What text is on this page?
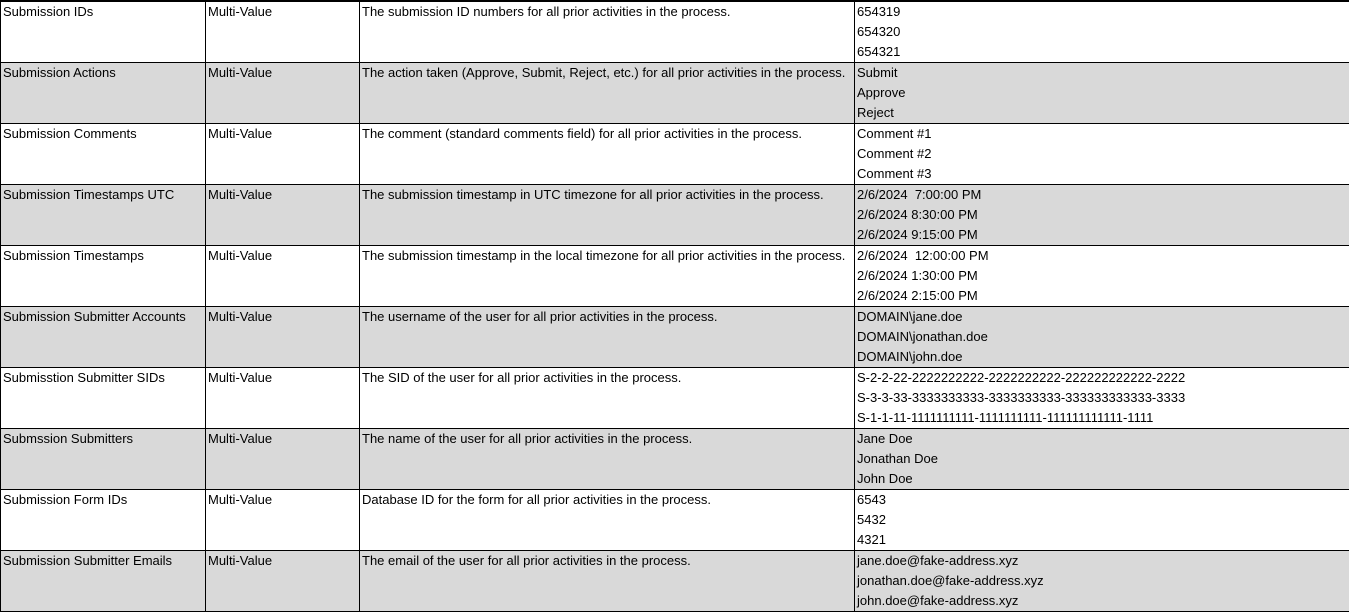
Submission IDs	Multi-Value	The submission ID numbers for all prior activities in the process.	654319
654320
654321

Submission Actions	Multi-Value	The action taken (Approve, Submit, Reject, etc.) for all prior activities in the process.	Submit
Approve
Reject

Submission Comments	Multi-Value	The comment (standard comments field) for all prior activities in the process.	Comment #1
Comment #2
Comment #3

Submission Timestamps UTC	Multi-Value	The submission timestamp in UTC timezone for all prior activities in the process.	2/6/2024  7:00:00 PM
2/6/2024 8:30:00 PM
2/6/2024 9:15:00 PM

Submission Timestamps	Multi-Value	The submission timestamp in the local timezone for all prior activities in the process.	2/6/2024  12:00:00 PM
2/6/2024 1:30:00 PM
2/6/2024 2:15:00 PM

Submission Submitter Accounts	Multi-Value	The username of the user for all prior activities in the process.	DOMAIN\jane.doe
DOMAIN\jonathan.doe
DOMAIN\john.doe

Submisstion Submitter SIDs	Multi-Value	The SID of the user for all prior activities in the process.	S-2-2-22-2222222222-2222222222-222222222222-2222
S-3-3-33-3333333333-3333333333-333333333333-3333
S-1-1-11-1111111111-1111111111-111111111111-1111

Submssion Submitters	Multi-Value	The name of the user for all prior activities in the process.	Jane Doe
Jonathan Doe
John Doe

Submission Form IDs	Multi-Value	Database ID for the form for all prior activities in the process.	6543
5432
4321

Submission Submitter Emails	Multi-Value	The email of the user for all prior activities in the process.	jane.doe@fake-address.xyz
jonathan.doe@fake-address.xyz
john.doe@fake-address.xyz
